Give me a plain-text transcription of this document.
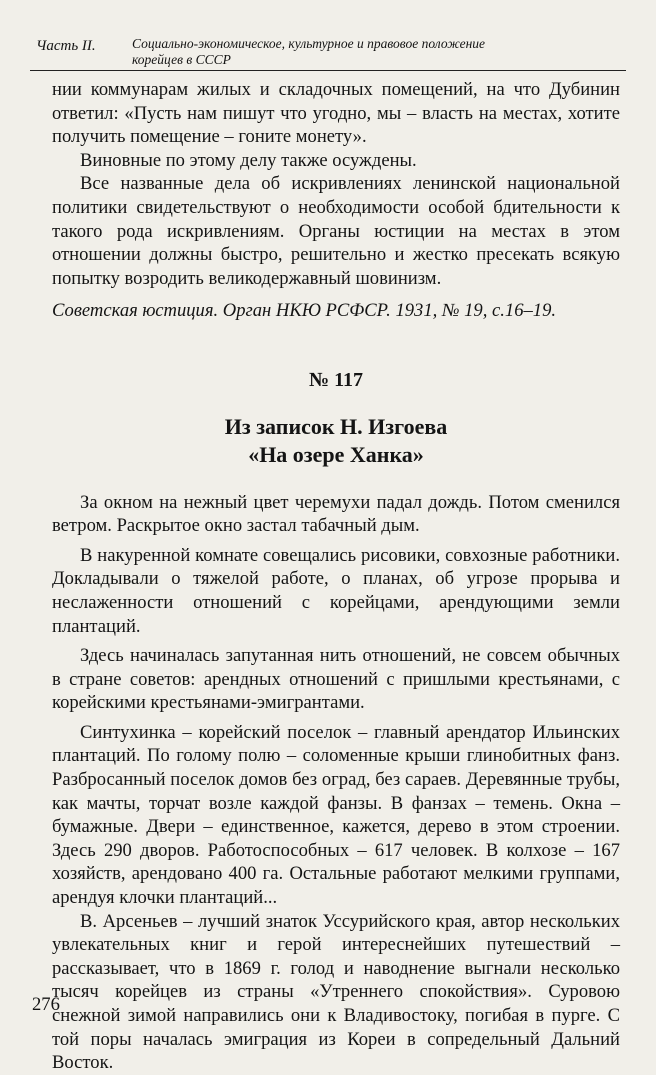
Часть II.	Социально-экономическое, культурное и правовое положение
корейцев в СССР

нии коммунарам жилых и складочных помещений, на что Дубинин ответил: «Пусть нам пишут что угодно, мы – власть на местах, хотите получить помещение – гоните монету».

Виновные по этому делу также осуждены.

Все названные дела об искривлениях ленинской национальной политики свидетельствуют о необходимости особой бдительности к такого рода искривлениям. Органы юстиции на местах в этом отношении должны быстро, решительно и жестко пресекать всякую попытку возродить великодержавный шовинизм.

Советская юстиция. Орган НКЮ РСФСР. 1931, № 19, с.16–19.

№ 117
Из записок Н. Изгоева
«На озере Ханка»

За окном на нежный цвет черемухи падал дождь. Потом сменился ветром. Раскрытое окно застал табачный дым.

В накуренной комнате совещались рисовики, совхозные работники. Докладывали о тяжелой работе, о планах, об угрозе прорыва и неслаженности отношений с корейцами, арендующими земли плантаций.

Здесь начиналась запутанная нить отношений, не совсем обычных в стране советов: арендных отношений с пришлыми крестьянами, с корейскими крестьянами-эмигрантами.

Синтухинка – корейский поселок – главный арендатор Ильинских плантаций. По голому полю – соломенные крыши глинобитных фанз. Разбросанный поселок домов без оград, без сараев. Деревянные трубы, как мачты, торчат возле каждой фанзы. В фанзах – темень. Окна – бумажные. Двери – единственное, кажется, дерево в этом строении. Здесь 290 дворов. Работоспособных – 617 человек. В колхозе – 167 хозяйств, арендовано 400 га. Остальные работают мелкими группами, арендуя клочки плантаций...

В. Арсеньев – лучший знаток Уссурийского края, автор нескольких увлекательных книг и герой интереснейших путешествий – рассказывает, что в 1869 г. голод и наводнение выгнали несколько тысяч корейцев из страны «Утреннего спокойствия». Суровою снежной зимой направились они к Владивостоку, погибая в пурге. С той поры началась эмиграция из Кореи в сопредельный Дальний Восток.

276
